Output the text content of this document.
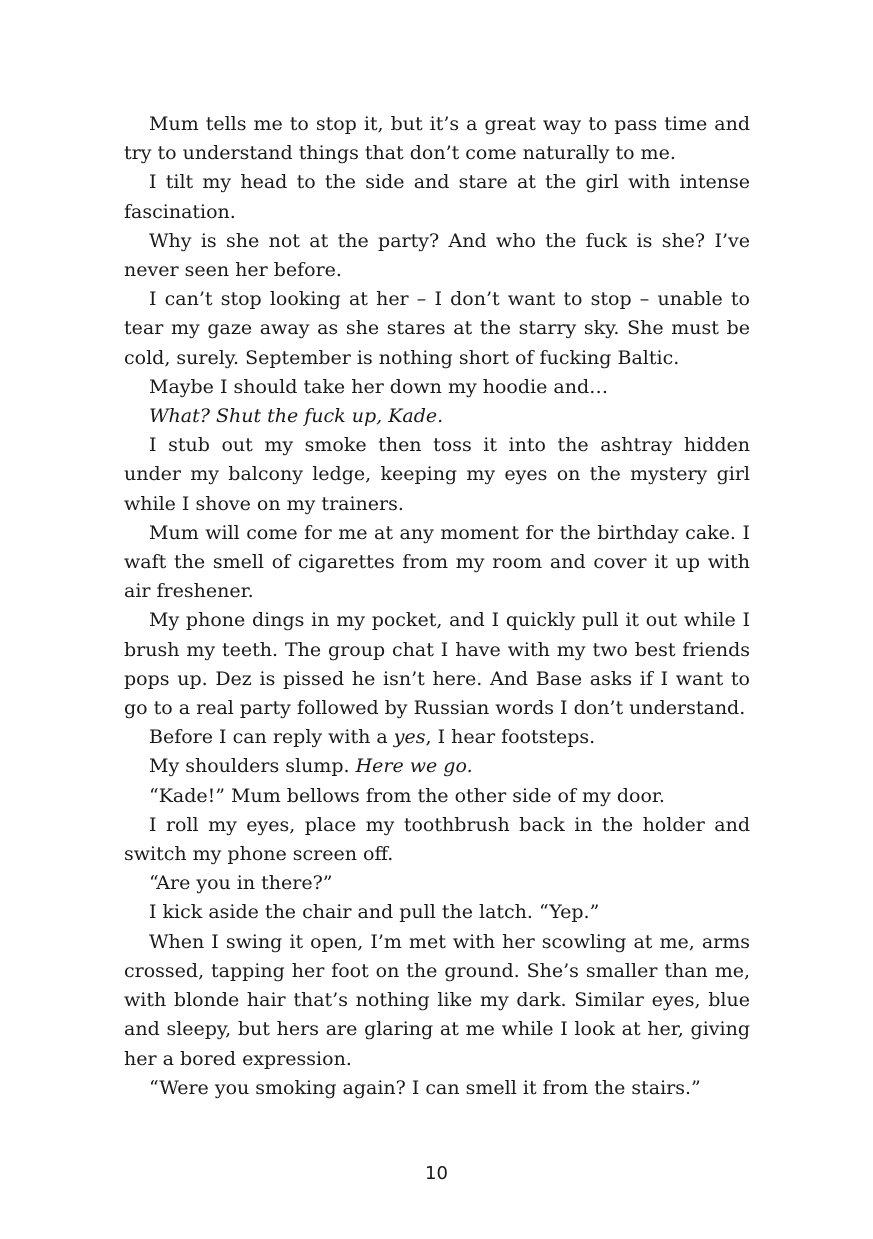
Mum tells me to stop it, but it’s a great way to pass time and try to understand things that don’t come naturally to me.

I tilt my head to the side and stare at the girl with intense fascination.

Why is she not at the party? And who the fuck is she? I’ve never seen her before.

I can’t stop looking at her – I don’t want to stop – unable to tear my gaze away as she stares at the starry sky. She must be cold, surely. September is nothing short of fucking Baltic.

Maybe I should take her down my hoodie and…

What? Shut the fuck up, Kade.

I stub out my smoke then toss it into the ashtray hidden under my balcony ledge, keeping my eyes on the mystery girl while I shove on my trainers.

Mum will come for me at any moment for the birthday cake. I waft the smell of cigarettes from my room and cover it up with air freshener.

My phone dings in my pocket, and I quickly pull it out while I brush my teeth. The group chat I have with my two best friends pops up. Dez is pissed he isn’t here. And Base asks if I want to go to a real party followed by Russian words I don’t understand.

Before I can reply with a yes, I hear footsteps.

My shoulders slump. Here we go.

“Kade!” Mum bellows from the other side of my door.

I roll my eyes, place my toothbrush back in the holder and switch my phone screen off.

“Are you in there?”

I kick aside the chair and pull the latch. “Yep.”

When I swing it open, I’m met with her scowling at me, arms crossed, tapping her foot on the ground. She’s smaller than me, with blonde hair that’s nothing like my dark. Similar eyes, blue and sleepy, but hers are glaring at me while I look at her, giving her a bored expression.

“Were you smoking again? I can smell it from the stairs.”

10
